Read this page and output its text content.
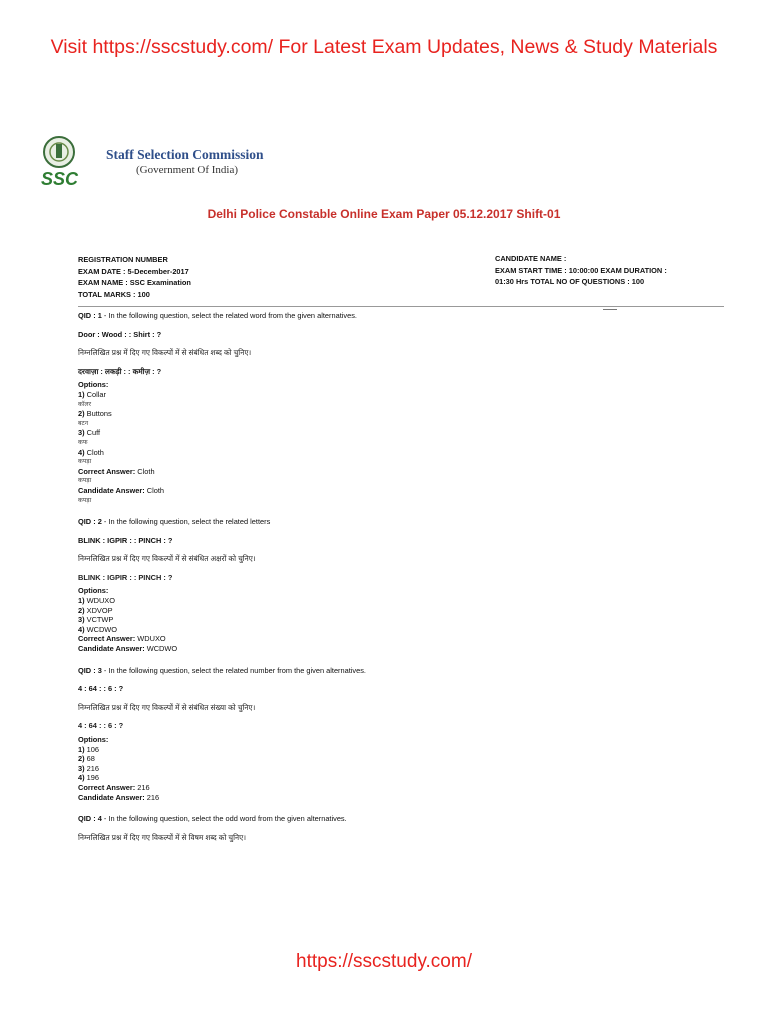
Visit https://sscstudy.com/ For Latest Exam Updates, News & Study Materials
SSC
Staff Selection Commission
(Government Of India)
Delhi Police Constable Online Exam Paper 05.12.2017 Shift-01
REGISTRATION NUMBER
EXAM DATE : 5-December-2017
EXAM NAME : SSC Examination
TOTAL MARKS : 100
CANDIDATE NAME :
EXAM START TIME : 10:00:00 EXAM DURATION :
01:30 Hrs TOTAL NO OF QUESTIONS : 100
QID : 1 - In the following question, select the related word from the given alternatives.
Door : Wood : : Shirt : ?
निम्नलिखित प्रश्न में दिए गए विकल्पों में से संबंधित शब्द को चुनिए।
दरवाज़ा : लकड़ी : : कमीज़ : ?
Options:
1) Collar
कॉलर
2) Buttons
बटन
3) Cuff
कफ
4) Cloth
कपड़ा
Correct Answer: Cloth
कपड़ा
Candidate Answer: Cloth
कपड़ा
QID : 2 - In the following question, select the related letters
BLINK : IGPIR : : PINCH : ?
निम्नलिखित प्रश्न में दिए गए विकल्पों में से संबंधित अक्षरों को चुनिए।
BLINK : IGPIR : : PINCH : ?
Options:
1) WDUXO
2) XDVOP
3) VCTWP
4) WCDWO
Correct Answer: WDUXO
Candidate Answer: WCDWO
QID : 3 - In the following question, select the related number from the given alternatives.
4 : 64 : : 6 : ?
निम्नलिखित प्रश्न में दिए गए विकल्पों में से संबंधित संख्या को चुनिए।
4 : 64 : : 6 : ?
Options:
1) 106
2) 68
3) 216
4) 196
Correct Answer: 216
Candidate Answer: 216
QID : 4 - In the following question, select the odd word from the given alternatives.
निम्नलिखित प्रश्न में दिए गए विकल्पों में से विषम शब्द को चुनिए।
https://sscstudy.com/
